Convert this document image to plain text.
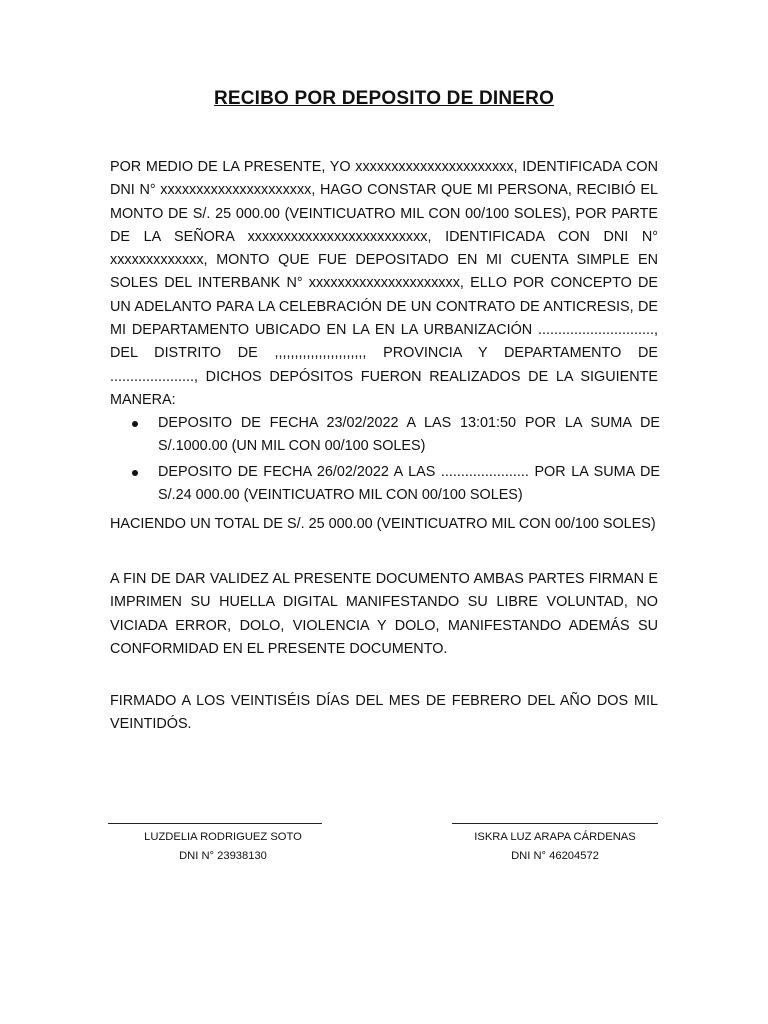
RECIBO POR DEPOSITO DE DINERO
POR MEDIO DE LA PRESENTE, YO xxxxxxxxxxxxxxxxxxxxxx, IDENTIFICADA CON DNI N° xxxxxxxxxxxxxxxxxxxxx, HAGO CONSTAR QUE MI PERSONA, RECIBIÓ EL MONTO DE S/. 25 000.00 (VEINTICUATRO MIL CON 00/100 SOLES), POR PARTE DE LA SEÑORA xxxxxxxxxxxxxxxxxxxxxxxxx, IDENTIFICADA CON DNI N° xxxxxxxxxxxxx, MONTO QUE FUE DEPOSITADO EN MI CUENTA SIMPLE EN SOLES DEL INTERBANK N° xxxxxxxxxxxxxxxxxxxxx, ELLO POR CONCEPTO DE UN ADELANTO PARA LA CELEBRACIÓN DE UN CONTRATO DE ANTICRESIS, DE MI DEPARTAMENTO UBICADO EN LA EN LA URBANIZACIÓN ............................., DEL DISTRITO DE ,,,,,,,,,,,,,,,,,,,,,,, PROVINCIA Y DEPARTAMENTO DE ....................., DICHOS DEPÓSITOS FUERON REALIZADOS DE LA SIGUIENTE MANERA:
DEPOSITO DE FECHA 23/02/2022 A LAS 13:01:50 POR LA SUMA DE S/.1000.00 (UN MIL CON 00/100 SOLES)
DEPOSITO DE FECHA 26/02/2022 A LAS ...................... POR LA SUMA DE S/.24 000.00 (VEINTICUATRO MIL CON 00/100 SOLES)
HACIENDO UN TOTAL DE S/. 25 000.00 (VEINTICUATRO MIL CON 00/100 SOLES)
A FIN DE DAR VALIDEZ AL PRESENTE DOCUMENTO AMBAS PARTES FIRMAN E IMPRIMEN SU HUELLA DIGITAL MANIFESTANDO SU LIBRE VOLUNTAD, NO VICIADA ERROR, DOLO, VIOLENCIA Y DOLO, MANIFESTANDO ADEMÁS SU CONFORMIDAD EN EL PRESENTE DOCUMENTO.
FIRMADO A LOS VEINTISÉIS DÍAS DEL MES DE FEBRERO DEL AÑO DOS MIL VEINTIDÓS.
LUZDELIA RODRIGUEZ SOTO
DNI N° 23938130
ISKRA LUZ ARAPA CÁRDENAS
DNI N° 46204572
